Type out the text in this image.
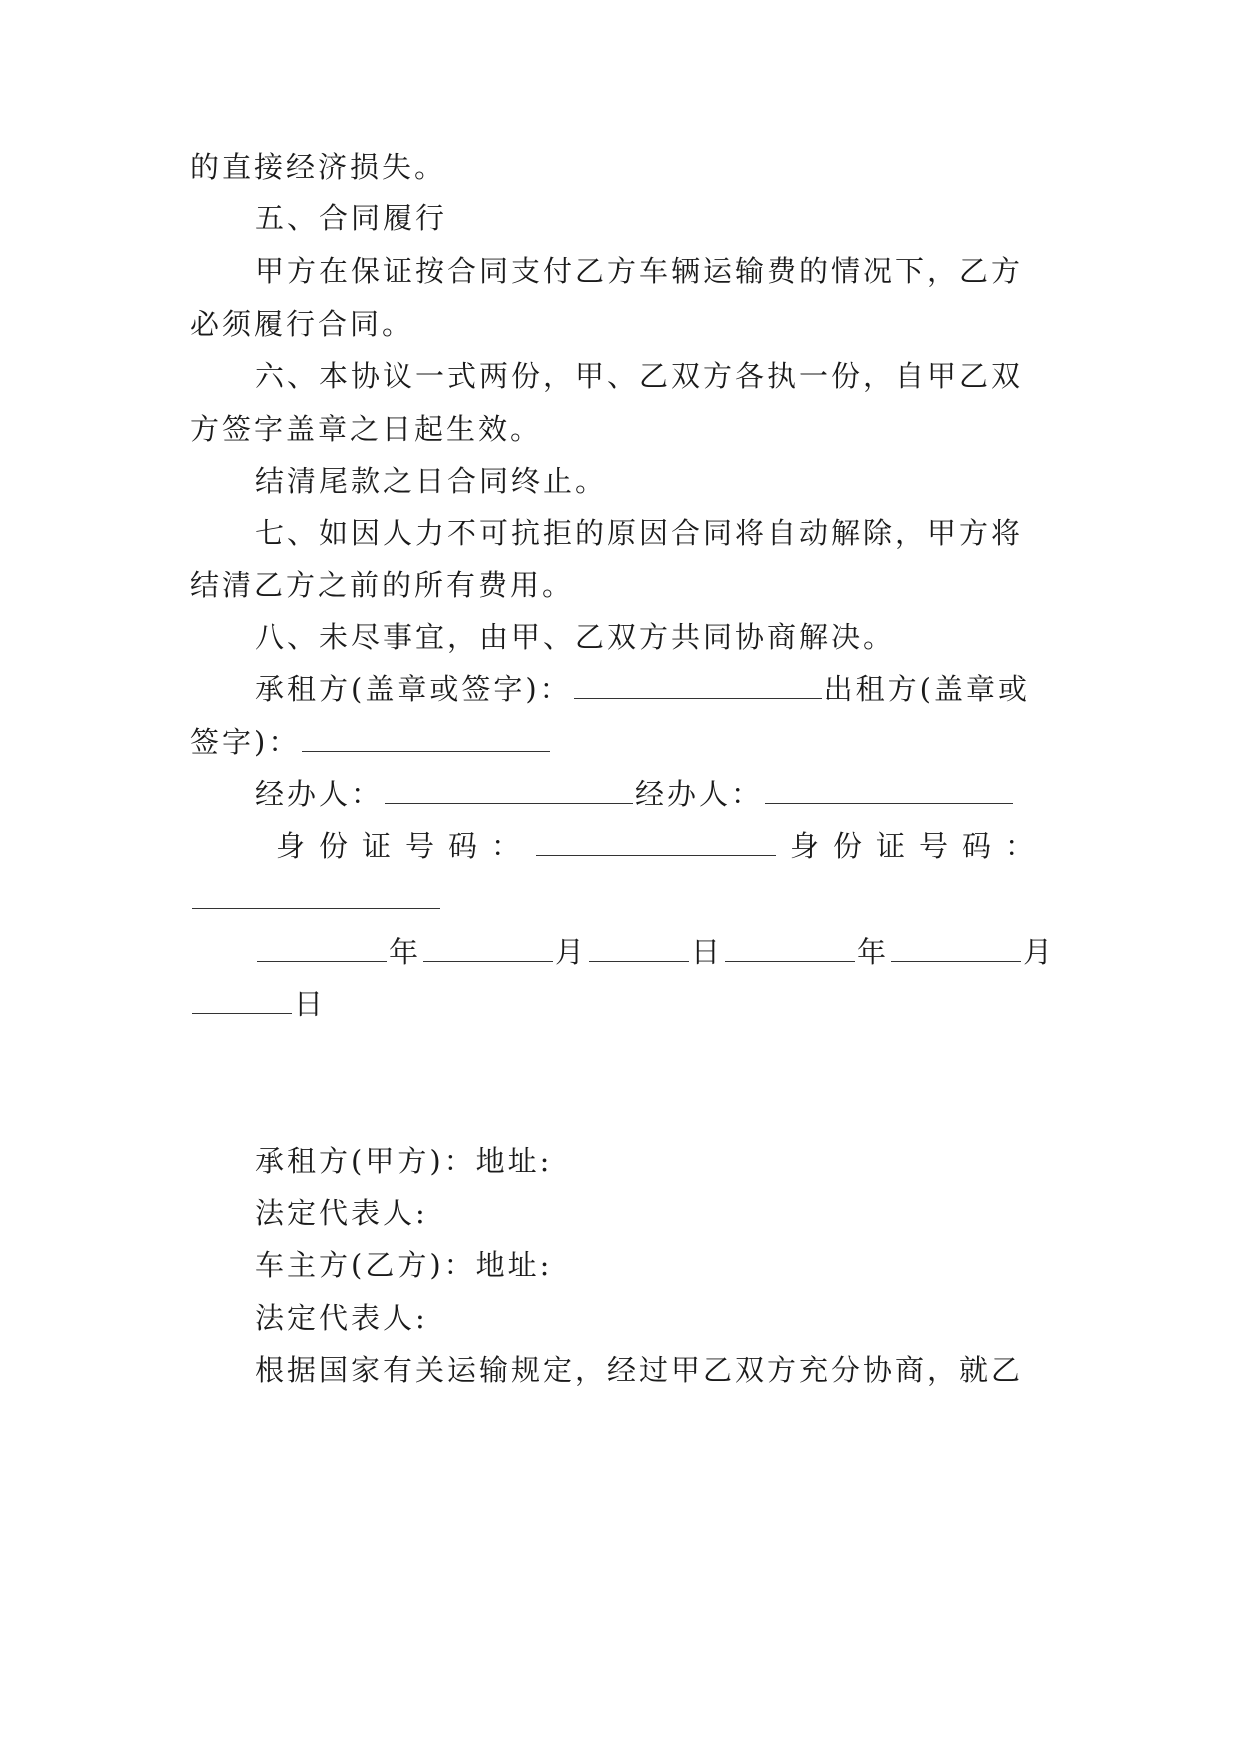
的直接经济损失。
五、合同履行
甲方在保证按合同支付乙方车辆运输费的情况下，乙方
必须履行合同。
六、本协议一式两份，甲、乙双方各执一份，自甲乙双
方签字盖章之日起生效。
结清尾款之日合同终止。
七、如因人力不可抗拒的原因合同将自动解除，甲方将
结清乙方之前的所有费用。
八、未尽事宜，由甲、乙双方共同协商解决。
承租方(盖章或签字)：	出租方(盖章或
签字)：
经办人：	经办人：
身份证号码：	身份证号码：
年	月	日	年	月
日
承租方(甲方)：地址:
法定代表人:
车主方(乙方)：地址:
法定代表人:
根据国家有关运输规定，经过甲乙双方充分协商，就乙
